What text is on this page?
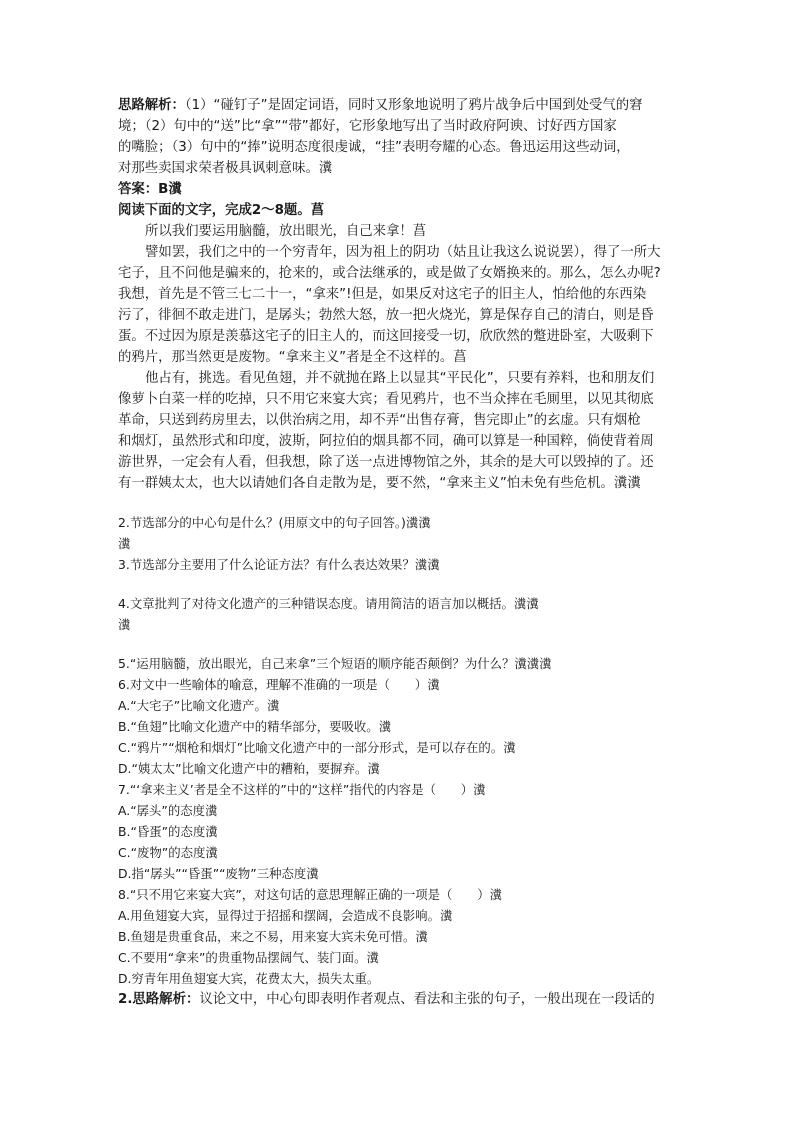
思路解析：（1）“碰钉子”是固定词语，同时又形象地说明了鸦片战争后中国到处受气的窘
境；（2）句中的“送”比“拿”“带”都好，它形象地写出了当时政府阿谀、讨好西方国家
的嘴脸；（3）句中的“捧”说明态度很虔诚，“挂”表明夸耀的心态。鲁迅运用这些动词，
对那些卖国求荣者极具讽刺意味。瀵
答案：B瀵
阅读下面的文字，完成2～8题。菖
所以我们要运用脑髓，放出眼光，自己来拿！菖
譬如罢，我们之中的一个穷青年，因为祖上的阴功（姑且让我这么说说罢），得了一所大
宅子，且不问他是骗来的，抢来的，或合法继承的，或是做了女婿换来的。那么，怎么办呢?
我想，首先是不管三七二十一，“拿来”!但是，如果反对这宅子的旧主人，怕给他的东西染
污了，徘徊不敢走进门，是孱头；勃然大怒，放一把火烧光，算是保存自己的清白，则是昏
蛋。不过因为原是羡慕这宅子的旧主人的，而这回接受一切，欣欣然的蹩进卧室，大吸剩下
的鸦片，那当然更是废物。“拿来主义”者是全不这样的。菖
他占有，挑选。看见鱼翅，并不就抛在路上以显其“平民化”，只要有养料，也和朋友们
像萝卜白菜一样的吃掉，只不用它来宴大宾；看见鸦片，也不当众摔在毛厠里，以见其彻底
革命，只送到药房里去，以供治病之用，却不弄“出售存膏，售完即止”的玄虚。只有烟枪
和烟灯，虽然形式和印度，波斯，阿拉伯的烟具都不同，确可以算是一种国粹，倘使背着周
游世界，一定会有人看，但我想，除了送一点进博物馆之外，其余的是大可以毁掉的了。还
有一群姨太太，也大以请她们各自走散为是，要不然，“拿来主义”怕未免有些危机。瀵瀵
2.节选部分的中心句是什么？(用原文中的句子回答。)瀵瀵
瀵
3.节选部分主要用了什么论证方法？有什么表达效果？瀵瀵
4.文章批判了对待文化遗产的三种错误态度。请用简洁的语言加以概括。瀵瀵
瀵
5.“运用脑髓，放出眼光，自己来拿”三个短语的顺序能否颠倒？为什么？瀵瀵瀵
6.对文中一些喻体的喻意，理解不准确的一项是（　　）瀵
A.“大宅子”比喻文化遗产。瀵
B.“鱼翅”比喻文化遗产中的精华部分，要吸收。瀵
C.“鸦片”“烟枪和烟灯”比喻文化遗产中的一部分形式，是可以存在的。瀵
D.“姨太太”比喻文化遗产中的糟粕，要摒弃。瀵
7.“‘拿来主义’者是全不这样的”中的“这样”指代的内容是（　　）瀵
A.“孱头”的态度瀵
B.“昏蛋”的态度瀵
C.“废物”的态度瀵
D.指“孱头”“昏蛋”“废物”三种态度瀵
8.“只不用它来宴大宾”，对这句话的意思理解正确的一项是（　　）瀵
A.用鱼翅宴大宾，显得过于招摇和摆阔，会造成不良影响。瀵
B.鱼翅是贵重食品，来之不易，用来宴大宾未免可惜。瀵
C.不要用“拿来”的贵重物品摆阔气、装门面。瀵
D.穷青年用鱼翅宴大宾，花费太大，损失太重。
2.思路解析：议论文中，中心句即表明作者观点、看法和主张的句子，一般出现在一段话的
